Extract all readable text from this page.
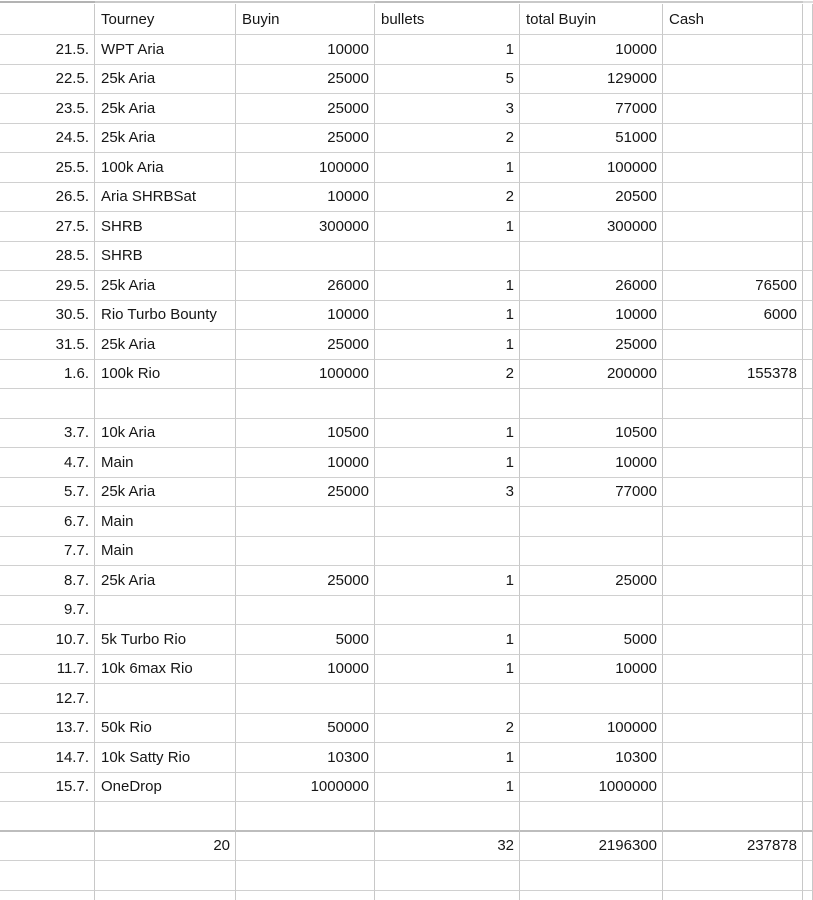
	Tourney	Buyin	bullets	total Buyin	Cash	
21.5.	WPT Aria	10000	1	10000		
22.5.	25k Aria	25000	5	129000		
23.5.	25k Aria	25000	3	77000		
24.5.	25k Aria	25000	2	51000		
25.5.	100k Aria	100000	1	100000		
26.5.	Aria SHRBSat	10000	2	20500		
27.5.	SHRB	300000	1	300000		
28.5.	SHRB					
29.5.	25k Aria	26000	1	26000	76500	
30.5.	Rio Turbo Bounty	10000	1	10000	6000	
31.5.	25k Aria	25000	1	25000		
1.6.	100k Rio	100000	2	200000	155378	

3.7.	10k Aria	10500	1	10500		
4.7.	Main	10000	1	10000		
5.7.	25k Aria	25000	3	77000		
6.7.	Main					
7.7.	Main					
8.7.	25k Aria	25000	1	25000		
9.7.						
10.7.	5k Turbo Rio	5000	1	5000		
11.7.	10k 6max Rio	10000	1	10000		
12.7.						
13.7.	50k Rio	50000	2	100000		
14.7.	10k Satty Rio	10300	1	10300		
15.7.	OneDrop	1000000	1	1000000		

	20		32	2196300	237878	
